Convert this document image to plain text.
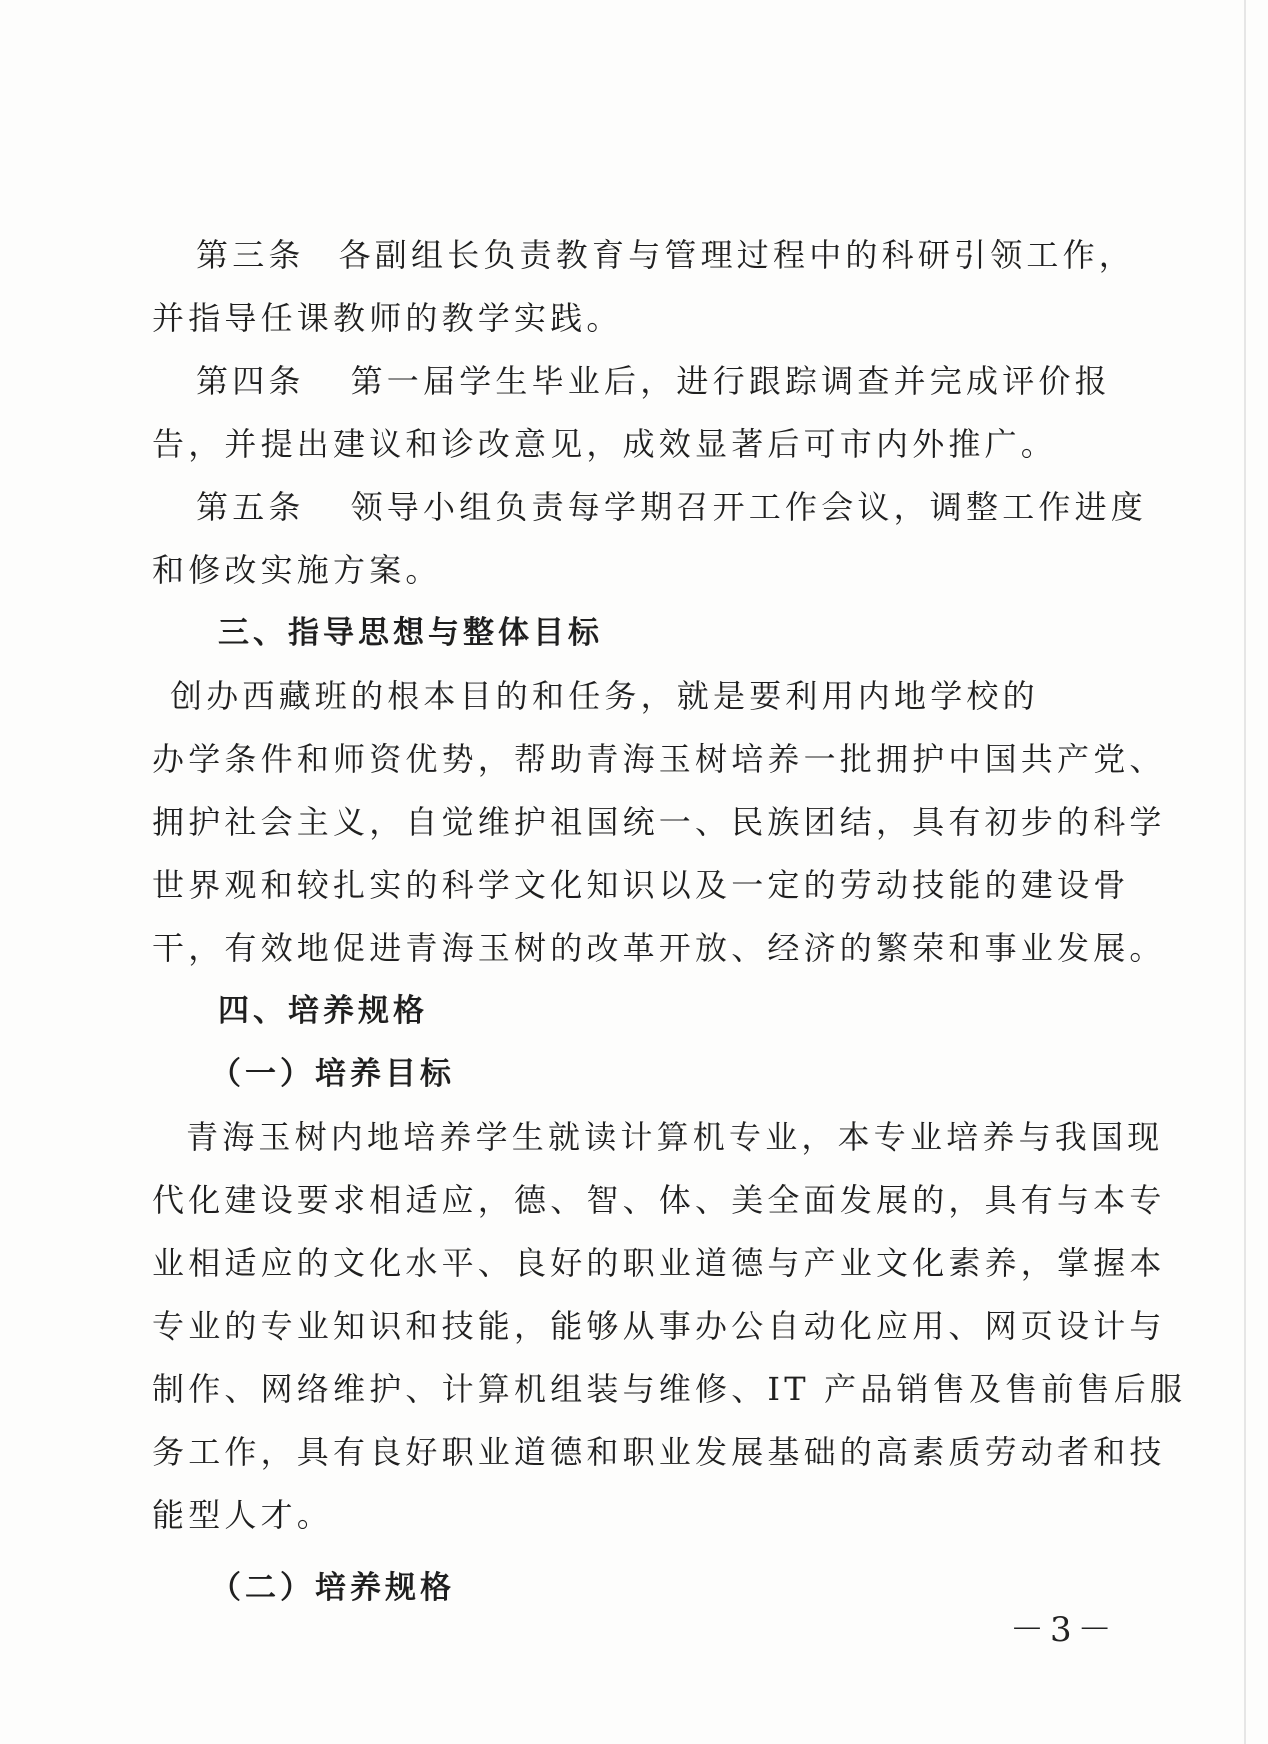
第三条 各副组长负责教育与管理过程中的科研引领工作，
并指导任课教师的教学实践。

第四条 第一届学生毕业后，进行跟踪调查并完成评价报
告，并提出建议和诊改意见，成效显著后可市内外推广。

第五条 领导小组负责每学期召开工作会议，调整工作进度
和修改实施方案。

三、指导思想与整体目标

创办西藏班的根本目的和任务，就是要利用内地学校的
办学条件和师资优势，帮助青海玉树培养一批拥护中国共产党、
拥护社会主义，自觉维护祖国统一、民族团结，具有初步的科学
世界观和较扎实的科学文化知识以及一定的劳动技能的建设骨
干，有效地促进青海玉树的改革开放、经济的繁荣和事业发展。

四、培养规格
（一）培养目标

青海玉树内地培养学生就读计算机专业，本专业培养与我国现
代化建设要求相适应，德、智、体、美全面发展的，具有与本专
业相适应的文化水平、良好的职业道德与产业文化素养，掌握本
专业的专业知识和技能，能够从事办公自动化应用、网页设计与
制作、网络维护、计算机组装与维修、IT 产品销售及售前售后服
务工作，具有良好职业道德和职业发展基础的高素质劳动者和技
能型人才。

（二）培养规格
－3－
